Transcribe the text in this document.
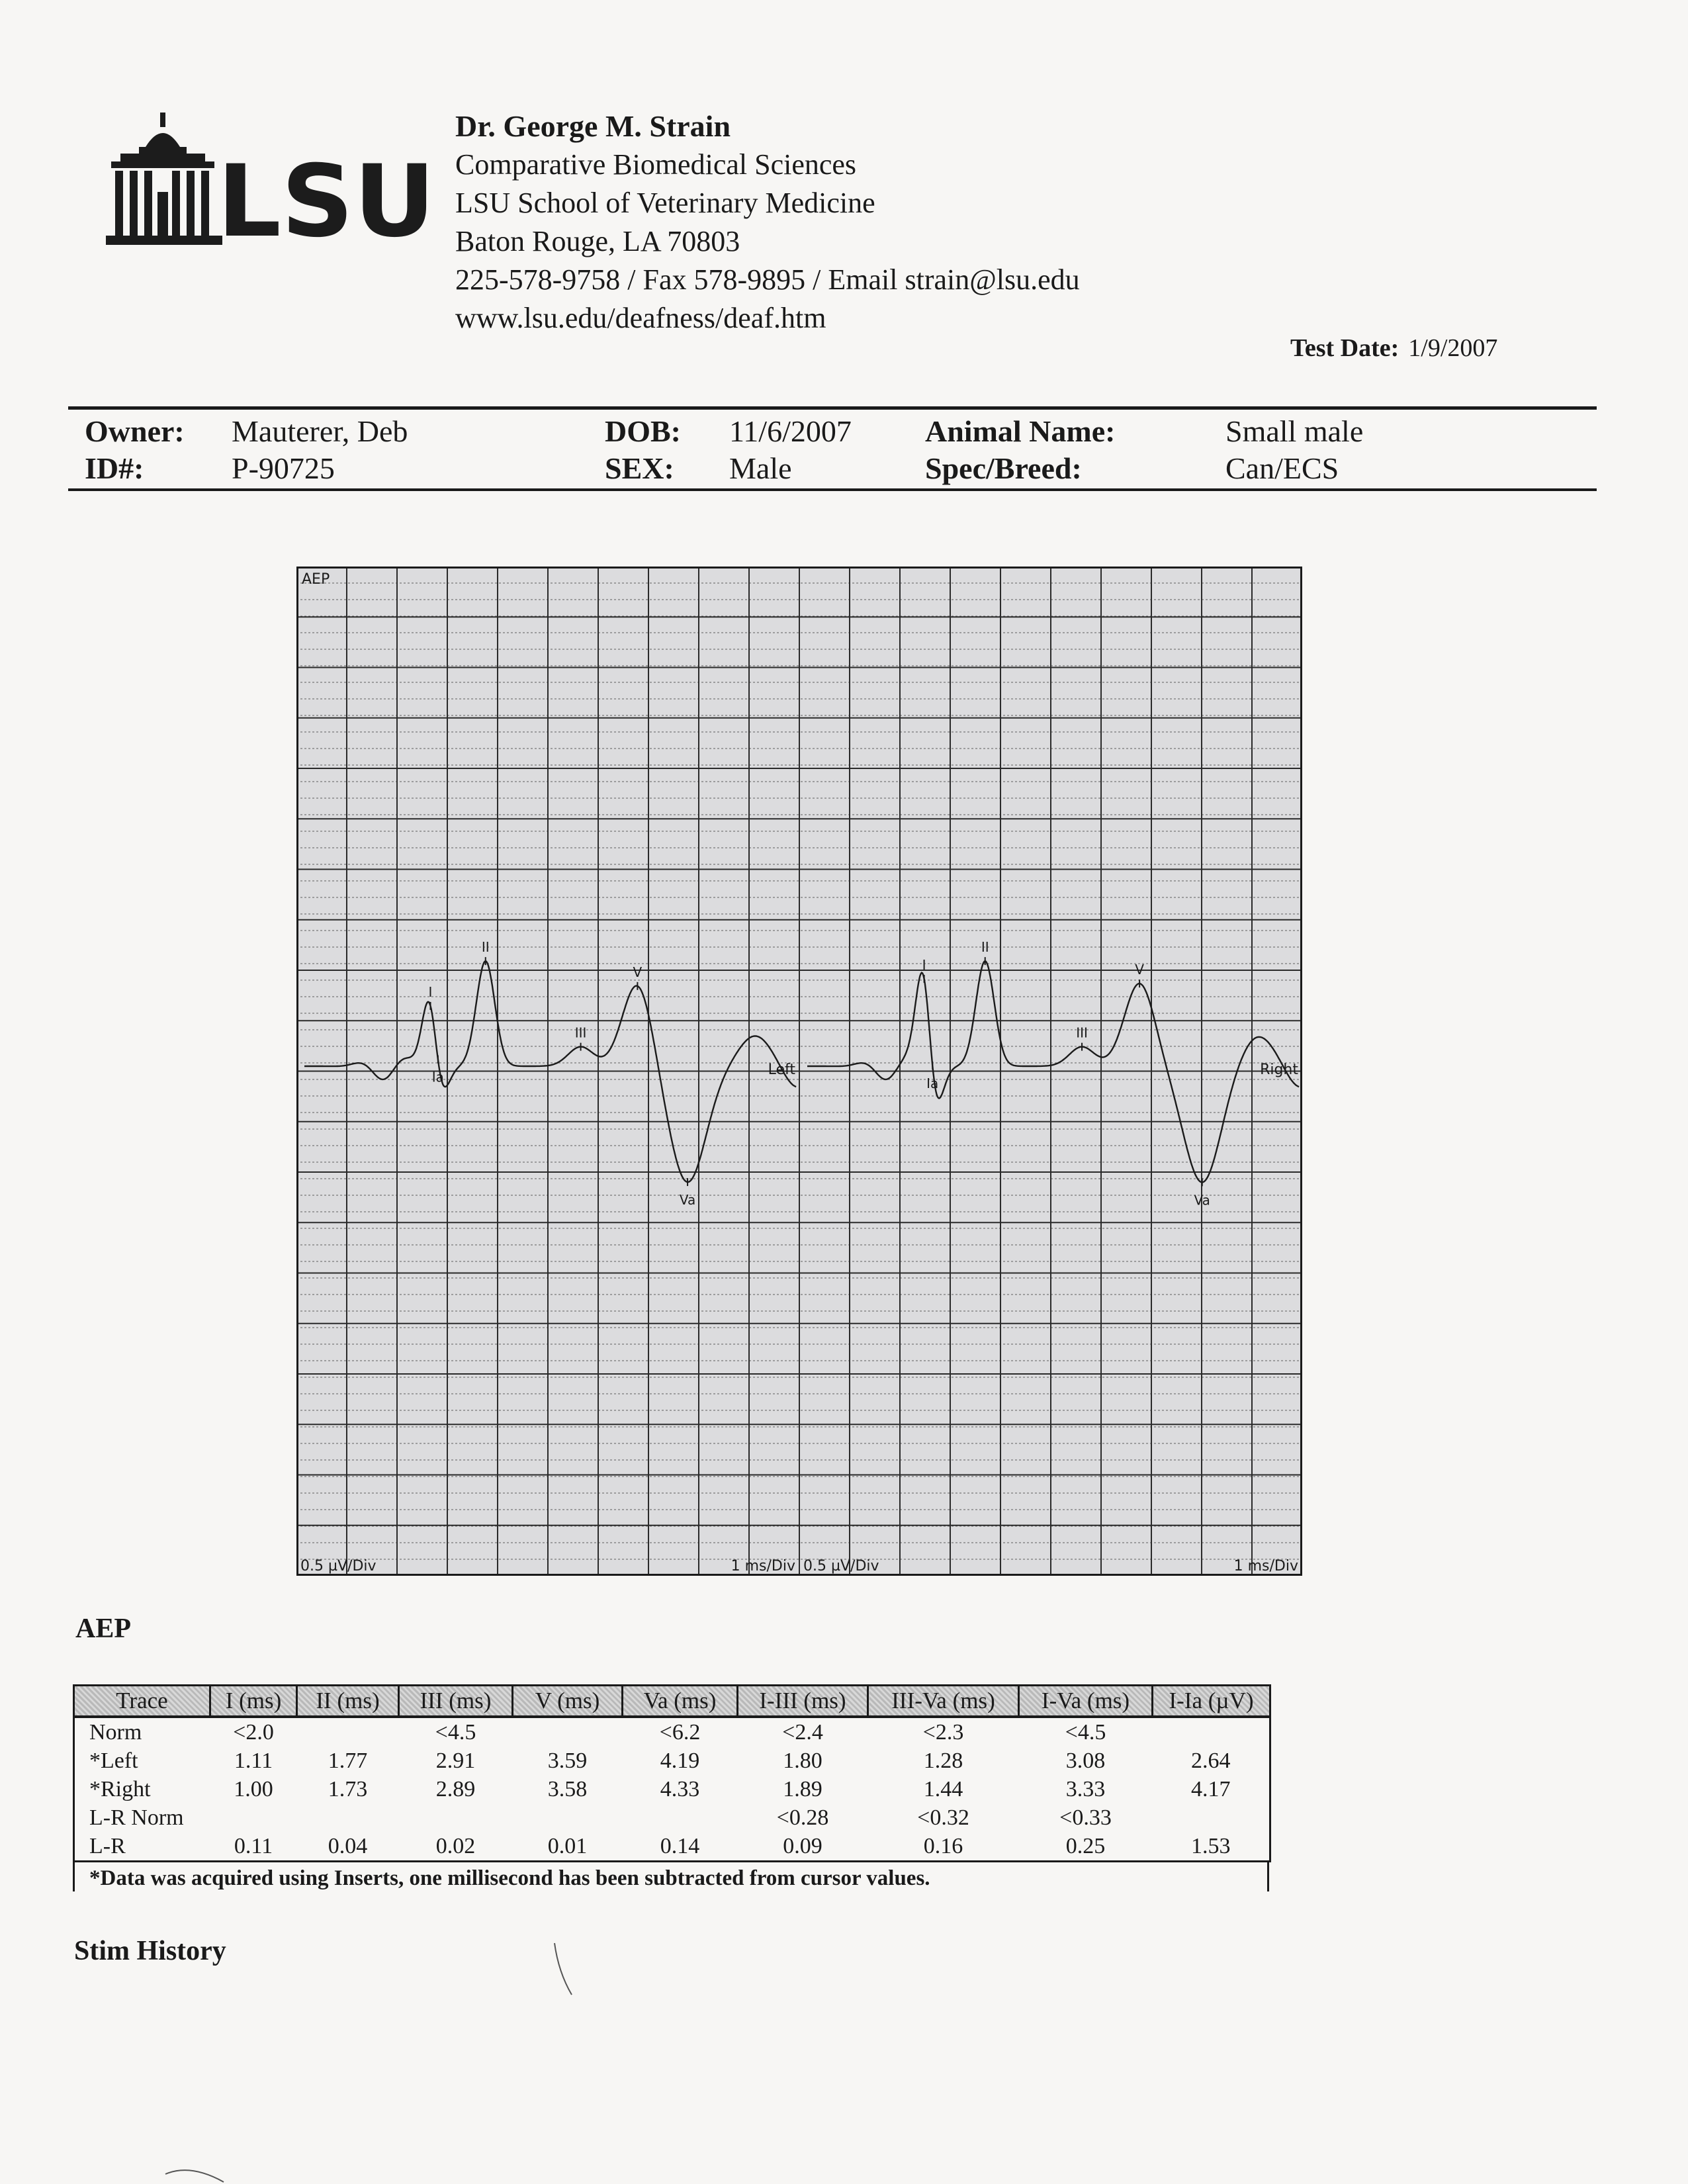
LSU
Dr. George M. Strain
Comparative Biomedical Sciences
LSU School of Veterinary Medicine
Baton Rouge, LA 70803
225-578-9758 / Fax 578-9895 / Email strain@lsu.edu
www.lsu.edu/deafness/deaf.htm
Test Date: 1/9/2007
Owner: Mauterer, Deb
ID#:	P-90725
DOB: 11/6/2007
SEX: Male
Animal Name:	Small male
Spec/Breed:	Can/ECS
I
Ia
II
III
V
Va
Left
0.5 µV/Div	1 ms/Div
I
Ia
II
III
V
Va
Right
0.5 µV/Div	1 ms/Div
AEP
AEP
Trace	I (ms)	II (ms)	III (ms)	V (ms)	Va (ms)	I-III (ms)	III-Va (ms)	I-Va (ms)	I-Ia (µV)
Norm	<2.0		<4.5		<6.2	<2.4	<2.3	<4.5	
*Left	1.11	1.77	2.91	3.59	4.19	1.80	1.28	3.08	2.64
*Right	1.00	1.73	2.89	3.58	4.33	1.89	1.44	3.33	4.17
L-R Norm						<0.28	<0.32	<0.33	
L-R	0.11	0.04	0.02	0.01	0.14	0.09	0.16	0.25	1.53
*Data was acquired using Inserts, one millisecond has been subtracted from cursor values.
Stim History
